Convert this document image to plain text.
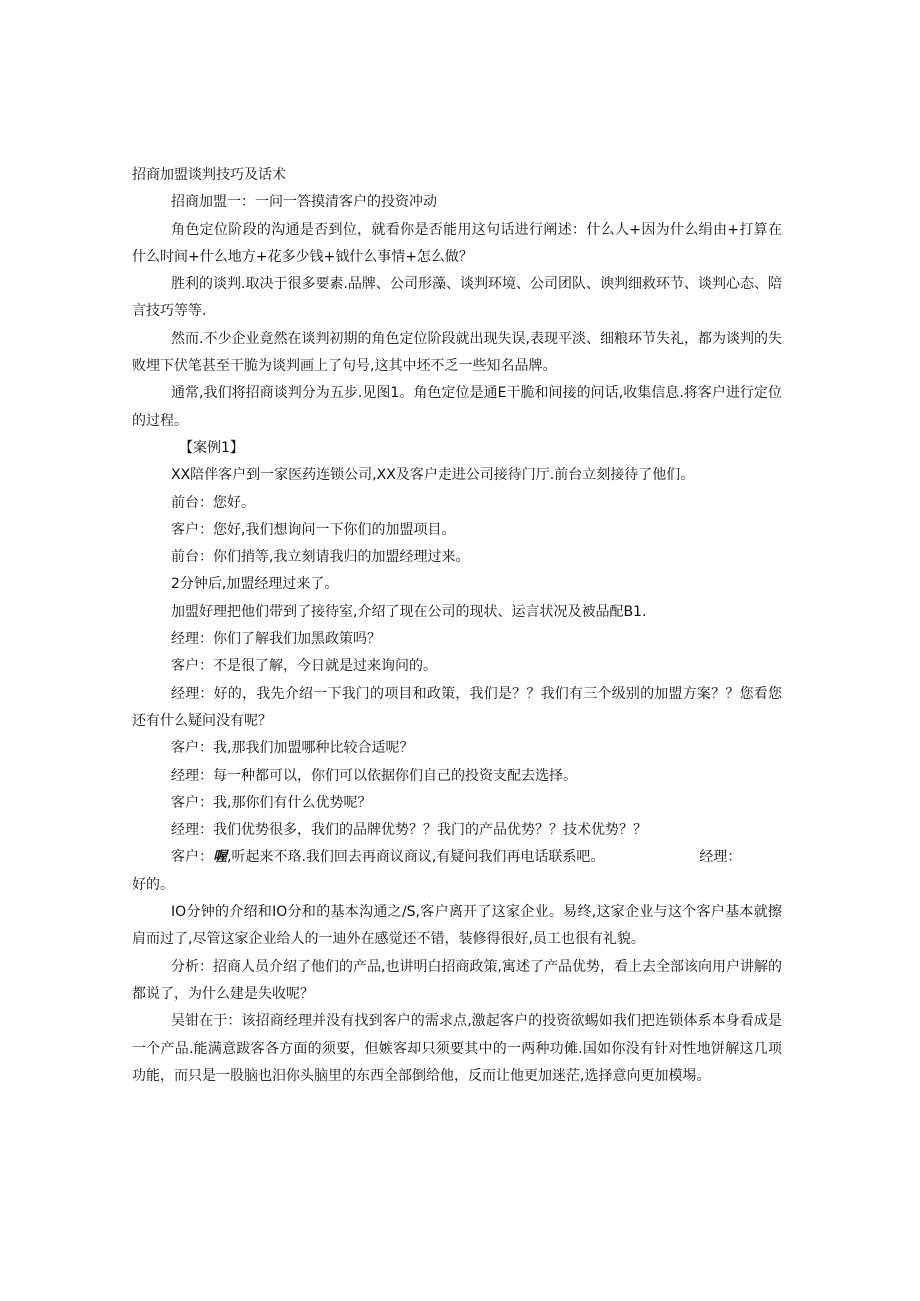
招商加盟谈判技巧及话术
招商加盟一：一问一答摸清客户的投资冲动
角色定位阶段的沟通是否到位，就看你是否能用这句话进行阐述：什么人+因为什么绢由+打算在什么时间+什么地方+花多少钱+钺什么事情+怎么做？
胜利的谈判.取决于很多要素.品牌、公司形藻、谈判环境、公司团队、谀判细救环节、谈判心态、陪言技巧等等.
然而.不少企业竟然在谈判初期的角色定位阶段就出现失误,表现平淡、细粮环节失礼，都为谈判的失败埋下伏笔甚至干脆为谈判画上了句号,这其中坯不乏一些知名品牌。
通常,我们将招商谈判分为五步.见图1。角色定位是通E干脆和间接的问话,收集信息.将客户进行定位的过程。
【案例1】
XX陪伴客户到一家医药连锁公司,XX及客户走进公司接待门厅.前台立刻接待了他们。
前台：您好。
客户：您好,我们想询问一下你们的加盟项目。
前台：你们捎等,我立刻请我归的加盟经理过来。
2分钟后,加盟经理过来了。
加盟好理把他们带到了接待室,介绍了现在公司的现状、运言状况及被品配B1.
经理：你们了解我们加黑政策吗？
客户：不是很了解，今日就是过来询问的。
经理：好的，我先介绍一下我门的项目和政策，我们是？？我们有三个级别的加盟方案？？您看您还有什么疑问没有呢？
客户：我,那我们加盟哪种比较合适呢？
经理：每一种都可以，你们可以依据你们自己的投资支配去选择。
客户：我,那你们有什么优势呢？
经理：我们优势很多，我们的品牌优势？？我门的产品优势？？技术优势？？
客户：喔,听起来不珞.我们回去再商议商议,有疑问我们再电话联系吧。	经理：
好的。
IO分钟的介绍和IO分和的基本沟通之/S,客户离开了这家企业。易终,这家企业与这个客户基本就擦肩而过了,尽管这家企业给人的一迪外在感觉还不错，装修得很好,员工也很有礼貌。
分析：招商人员介绍了他们的产品,也讲明白招商政策,寓述了产品优势，看上去全部该向用户讲解的都说了，为什么建是失收呢？
吴钳在于：该招商经理并没有找到客户的需求点,激起客户的投资欲蜴如我们把连锁体系本身看成是一个产品.能满意跋客各方面的须要，但嫉客却只须要其中的一两种功傩.国如你没有针对性地饼解这几项功能，而只是一股脑也汨你头脑里的东西全部倒给他，反而让他更加迷茫,选择意向更加模埸。
